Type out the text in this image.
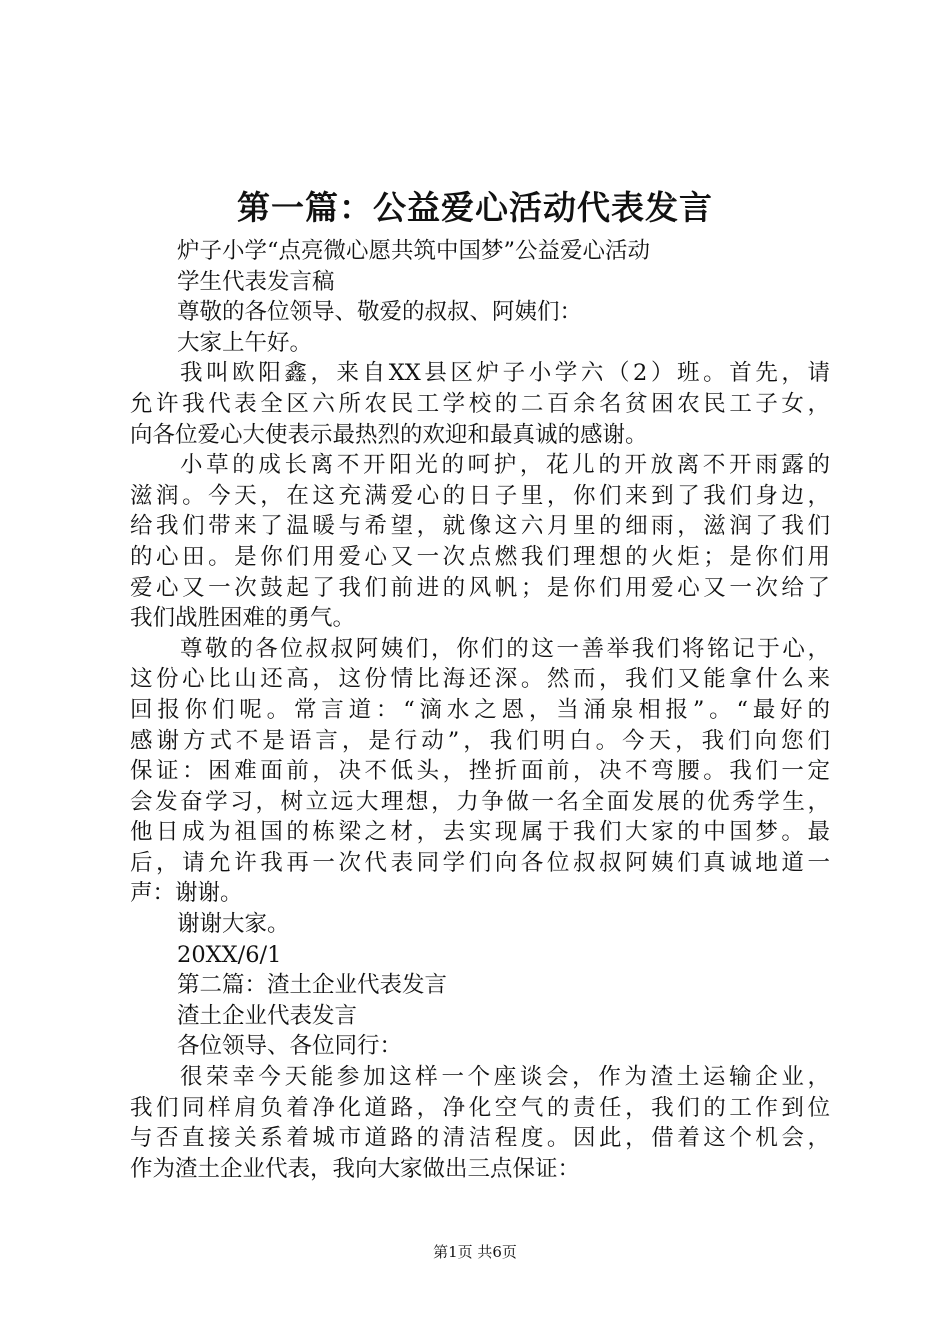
第一篇：公益爱心活动代表发言
炉子小学“点亮微心愿共筑中国梦”公益爱心活动
学生代表发言稿
尊敬的各位领导、敬爱的叔叔、阿姨们：
大家上午好。
我叫欧阳鑫，来自XX县区炉子小学六（2）班。首先，请
允许我代表全区六所农民工学校的二百余名贫困农民工子女，
向各位爱心大使表示最热烈的欢迎和最真诚的感谢。
小草的成长离不开阳光的呵护，花儿的开放离不开雨露的
滋润。今天，在这充满爱心的日子里，你们来到了我们身边，
给我们带来了温暖与希望，就像这六月里的细雨，滋润了我们
的心田。是你们用爱心又一次点燃我们理想的火炬；是你们用
爱心又一次鼓起了我们前进的风帆；是你们用爱心又一次给了
我们战胜困难的勇气。
尊敬的各位叔叔阿姨们，你们的这一善举我们将铭记于心，
这份心比山还高，这份情比海还深。然而，我们又能拿什么来
回报你们呢。常言道：“滴水之恩，当涌泉相报”。“最好的
感谢方式不是语言，是行动”，我们明白。今天，我们向您们
保证：困难面前，决不低头，挫折面前，决不弯腰。我们一定
会发奋学习，树立远大理想，力争做一名全面发展的优秀学生，
他日成为祖国的栋梁之材，去实现属于我们大家的中国梦。最
后，请允许我再一次代表同学们向各位叔叔阿姨们真诚地道一
声：谢谢。
谢谢大家。
20XX/6/1
第二篇：渣土企业代表发言
渣土企业代表发言
各位领导、各位同行：
很荣幸今天能参加这样一个座谈会，作为渣土运输企业，
我们同样肩负着净化道路，净化空气的责任，我们的工作到位
与否直接关系着城市道路的清洁程度。因此，借着这个机会，
作为渣土企业代表，我向大家做出三点保证：
第1页 共6页
